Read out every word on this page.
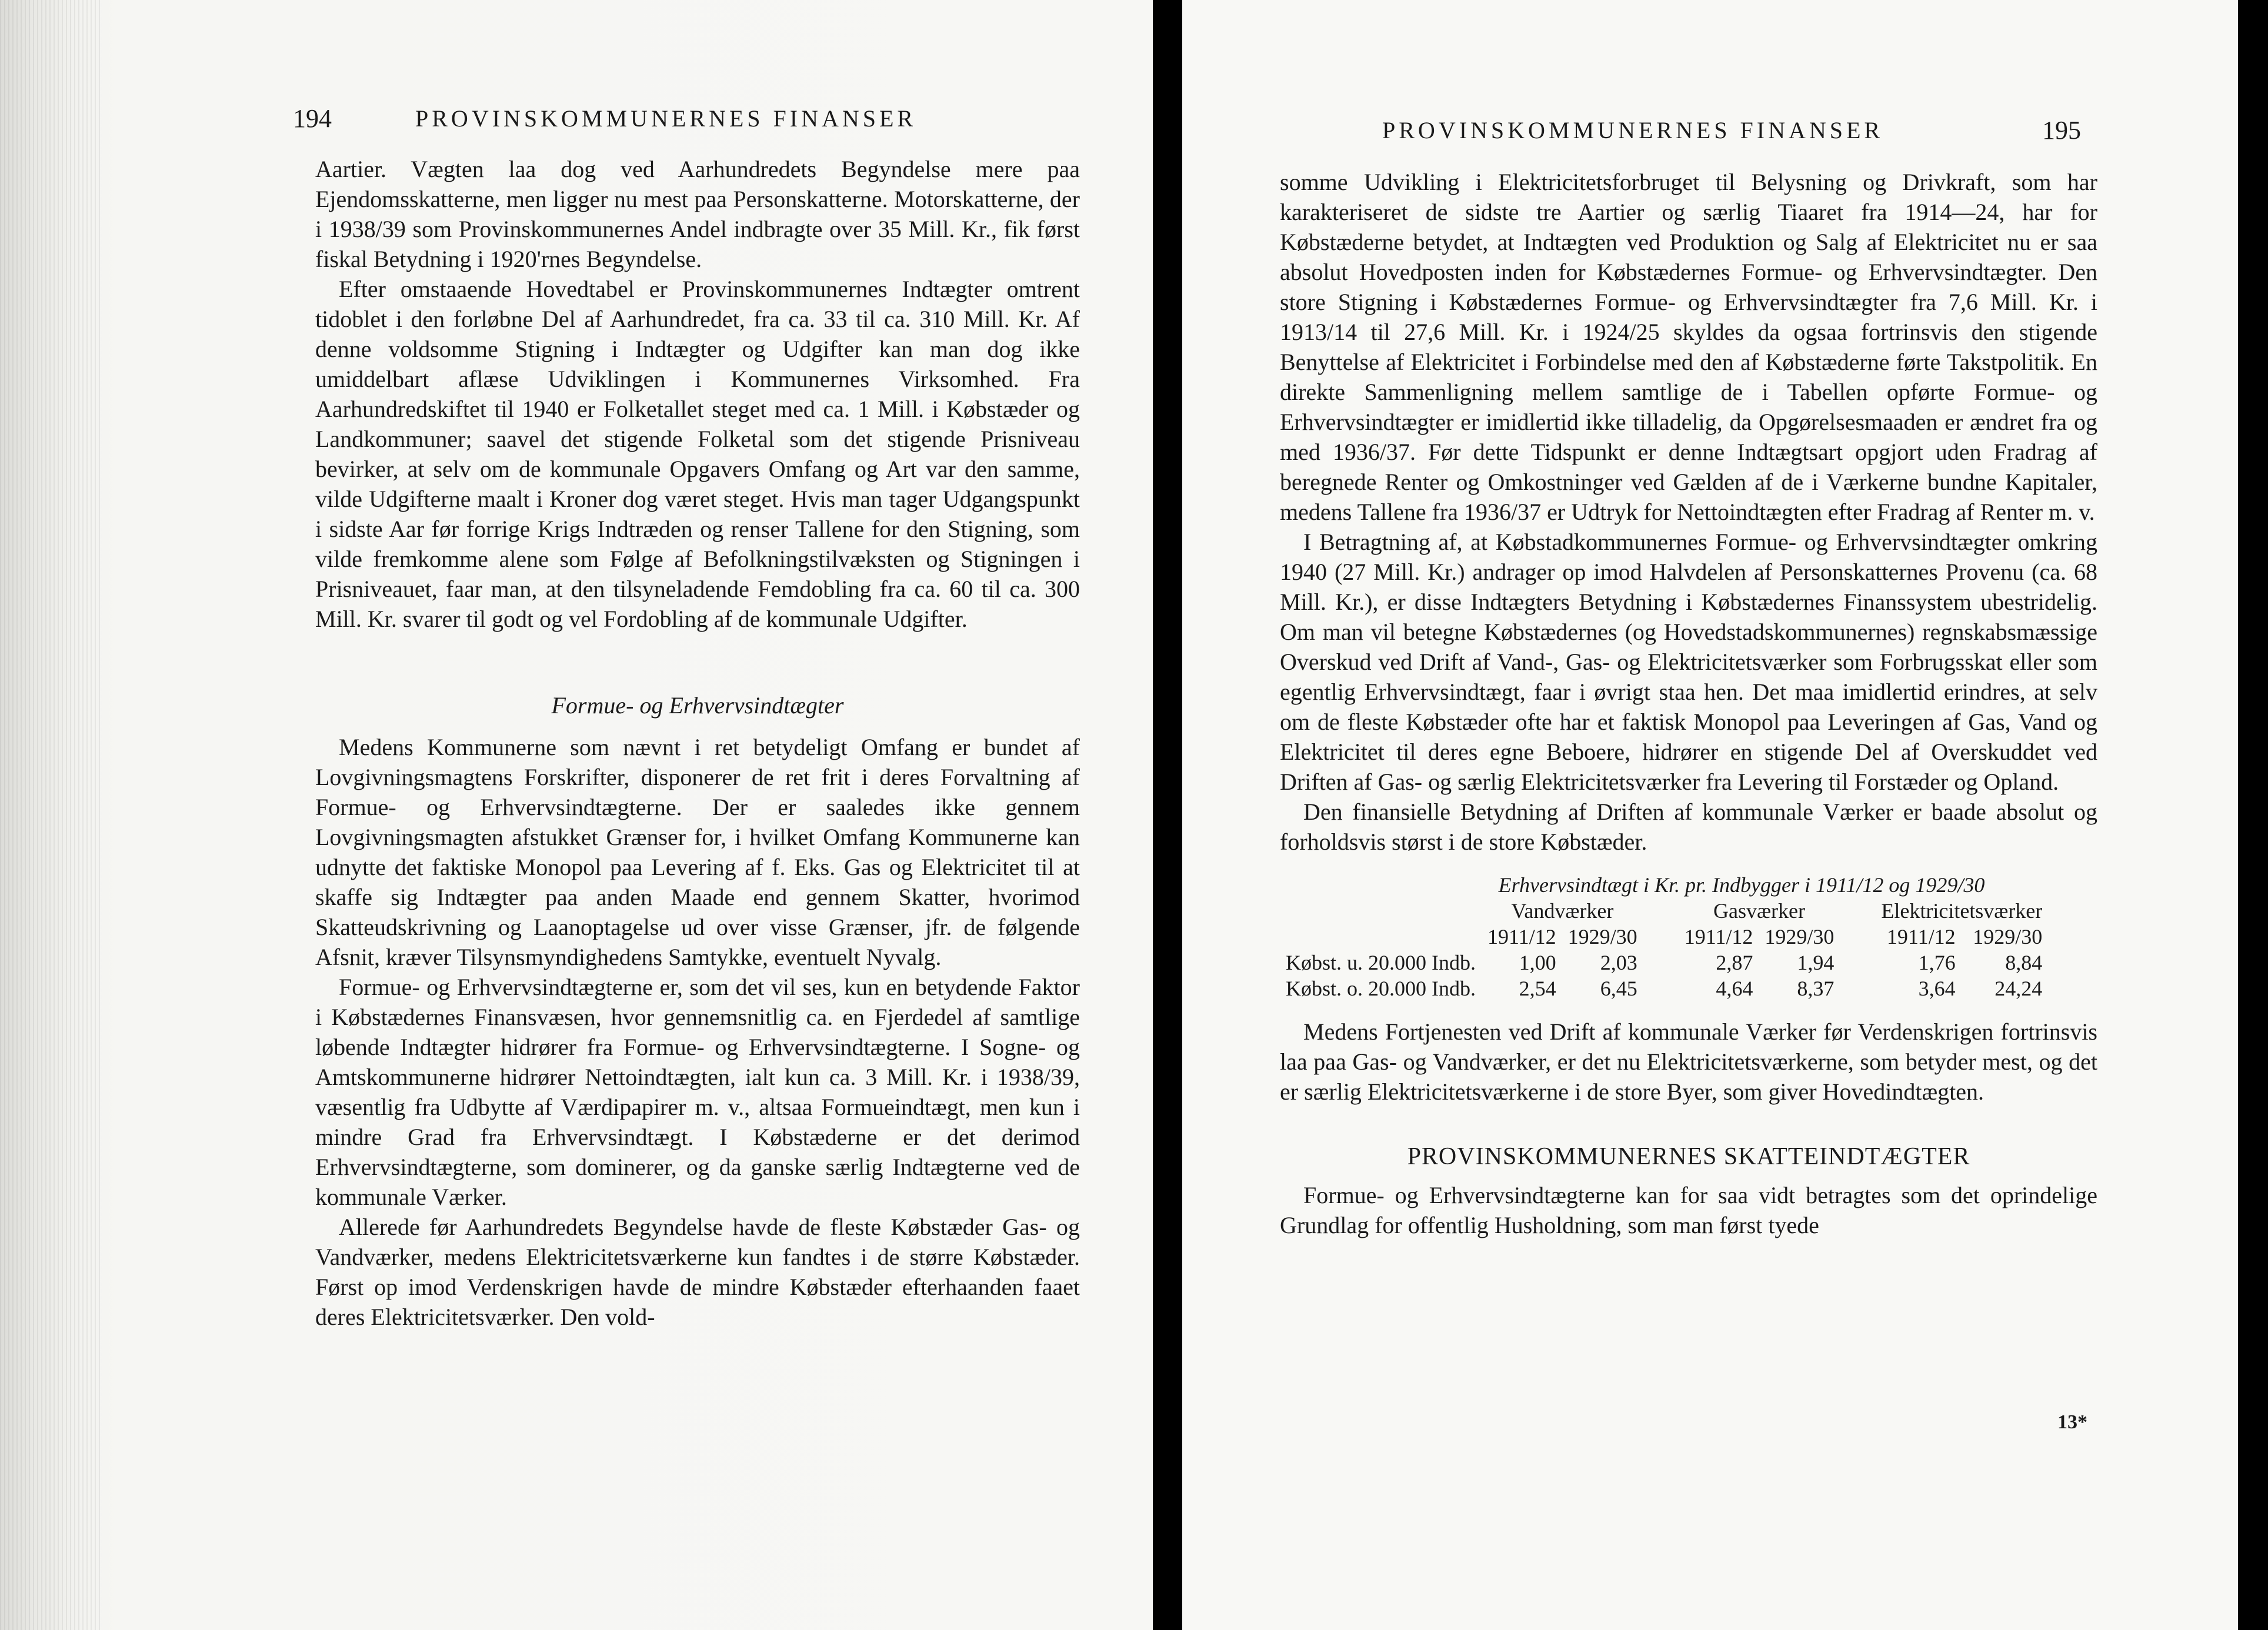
194	PROVINSKOMMUNERNES FINANSER

Aartier. Vægten laa dog ved Aarhundredets Begyndelse mere paa Ejendomsskatterne, men ligger nu mest paa Personskatterne. Motorskatterne, der i 1938/39 som Provinskommunernes Andel indbragte over 35 Mill. Kr., fik først fiskal Betydning i 1920'rnes Begyndelse.

Efter omstaaende Hovedtabel er Provinskommunernes Indtægter omtrent tidoblet i den forløbne Del af Aarhundredet, fra ca. 33 til ca. 310 Mill. Kr. Af denne voldsomme Stigning i Indtægter og Udgifter kan man dog ikke umiddelbart aflæse Udviklingen i Kommunernes Virksomhed. Fra Aarhundredskiftet til 1940 er Folketallet steget med ca. 1 Mill. i Købstæder og Landkommuner; saavel det stigende Folketal som det stigende Prisniveau bevirker, at selv om de kommunale Opgavers Omfang og Art var den samme, vilde Udgifterne maalt i Kroner dog været steget. Hvis man tager Udgangspunkt i sidste Aar før forrige Krigs Indtræden og renser Tallene for den Stigning, som vilde fremkomme alene som Følge af Befolkningstilvæksten og Stigningen i Prisniveauet, faar man, at den tilsyneladende Femdobling fra ca. 60 til ca. 300 Mill. Kr. svarer til godt og vel Fordobling af de kommunale Udgifter.

Formue- og Erhvervsindtægter

Medens Kommunerne som nævnt i ret betydeligt Omfang er bundet af Lovgivningsmagtens Forskrifter, disponerer de ret frit i deres Forvaltning af Formue- og Erhvervsindtægterne. Der er saaledes ikke gennem Lovgivningsmagten afstukket Grænser for, i hvilket Omfang Kommunerne kan udnytte det faktiske Monopol paa Levering af f. Eks. Gas og Elektricitet til at skaffe sig Indtægter paa anden Maade end gennem Skatter, hvorimod Skatteudskrivning og Laanoptagelse ud over visse Grænser, jfr. de følgende Afsnit, kræver Tilsynsmyndighedens Samtykke, eventuelt Nyvalg.

Formue- og Erhvervsindtægterne er, som det vil ses, kun en betydende Faktor i Købstædernes Finansvæsen, hvor gennemsnitlig ca. en Fjerdedel af samtlige løbende Indtægter hidrører fra Formue- og Erhvervsindtægterne. I Sogne- og Amtskommunerne hidrører Nettoindtægten, ialt kun ca. 3 Mill. Kr. i 1938/39, væsentlig fra Udbytte af Værdipapirer m. v., altsaa Formueindtægt, men kun i mindre Grad fra Erhvervsindtægt. I Købstæderne er det derimod Erhvervsindtægterne, som dominerer, og da ganske særlig Indtægterne ved de kommunale Værker.

Allerede før Aarhundredets Begyndelse havde de fleste Købstæder Gas- og Vandværker, medens Elektricitetsværkerne kun fandtes i de større Købstæder. Først op imod Verdenskrigen havde de mindre Købstæder efterhaanden faaet deres Elektricitetsværker. Den vold-

PROVINSKOMMUNERNES FINANSER	195

somme Udvikling i Elektricitetsforbruget til Belysning og Drivkraft, som har karakteriseret de sidste tre Aartier og særlig Tiaaret fra 1914—24, har for Købstæderne betydet, at Indtægten ved Produktion og Salg af Elektricitet nu er saa absolut Hovedposten inden for Købstædernes Formue- og Erhvervsindtægter. Den store Stigning i Købstædernes Formue- og Erhvervsindtægter fra 7,6 Mill. Kr. i 1913/14 til 27,6 Mill. Kr. i 1924/25 skyldes da ogsaa fortrinsvis den stigende Benyttelse af Elektricitet i Forbindelse med den af Købstæderne førte Takstpolitik. En direkte Sammenligning mellem samtlige de i Tabellen opførte Formue- og Erhvervsindtægter er imidlertid ikke tilladelig, da Opgørelsesmaaden er ændret fra og med 1936/37. Før dette Tidspunkt er denne Indtægtsart opgjort uden Fradrag af beregnede Renter og Omkostninger ved Gælden af de i Værkerne bundne Kapitaler, medens Tallene fra 1936/37 er Udtryk for Nettoindtægten efter Fradrag af Renter m. v.

I Betragtning af, at Købstadkommunernes Formue- og Erhvervsindtægter omkring 1940 (27 Mill. Kr.) andrager op imod Halvdelen af Personskatternes Provenu (ca. 68 Mill. Kr.), er disse Indtægters Betydning i Købstædernes Finanssystem ubestridelig. Om man vil betegne Købstædernes (og Hovedstadskommunernes) regnskabsmæssige Overskud ved Drift af Vand-, Gas- og Elektricitetsværker som Forbrugsskat eller som egentlig Erhvervsindtægt, faar i øvrigt staa hen. Det maa imidlertid erindres, at selv om de fleste Købstæder ofte har et faktisk Monopol paa Leveringen af Gas, Vand og Elektricitet til deres egne Beboere, hidrører en stigende Del af Overskuddet ved Driften af Gas- og særlig Elektricitetsværker fra Levering til Forstæder og Opland.

Den finansielle Betydning af Driften af kommunale Værker er baade absolut og forholdsvis størst i de store Købstæder.

Erhvervsindtægt i Kr. pr. Indbygger i 1911/12 og 1929/30
	Vandværker			Gasværker			Elektricitetsværker	
	1911/12	1929/30		1911/12	1929/30		1911/12	1929/30
Købst. u. 20.000 Indb.	1,00	2,03		2,87	1,94		1,76	8,84
Købst. o. 20.000 Indb.	2,54	6,45		4,64	8,37		3,64	24,24

Medens Fortjenesten ved Drift af kommunale Værker før Verdenskrigen fortrinsvis laa paa Gas- og Vandværker, er det nu Elektricitetsværkerne, som betyder mest, og det er særlig Elektricitetsværkerne i de store Byer, som giver Hovedindtægten.

PROVINSKOMMUNERNES SKATTEINDTÆGTER

Formue- og Erhvervsindtægterne kan for saa vidt betragtes som det oprindelige Grundlag for offentlig Husholdning, som man først tyede

13*
